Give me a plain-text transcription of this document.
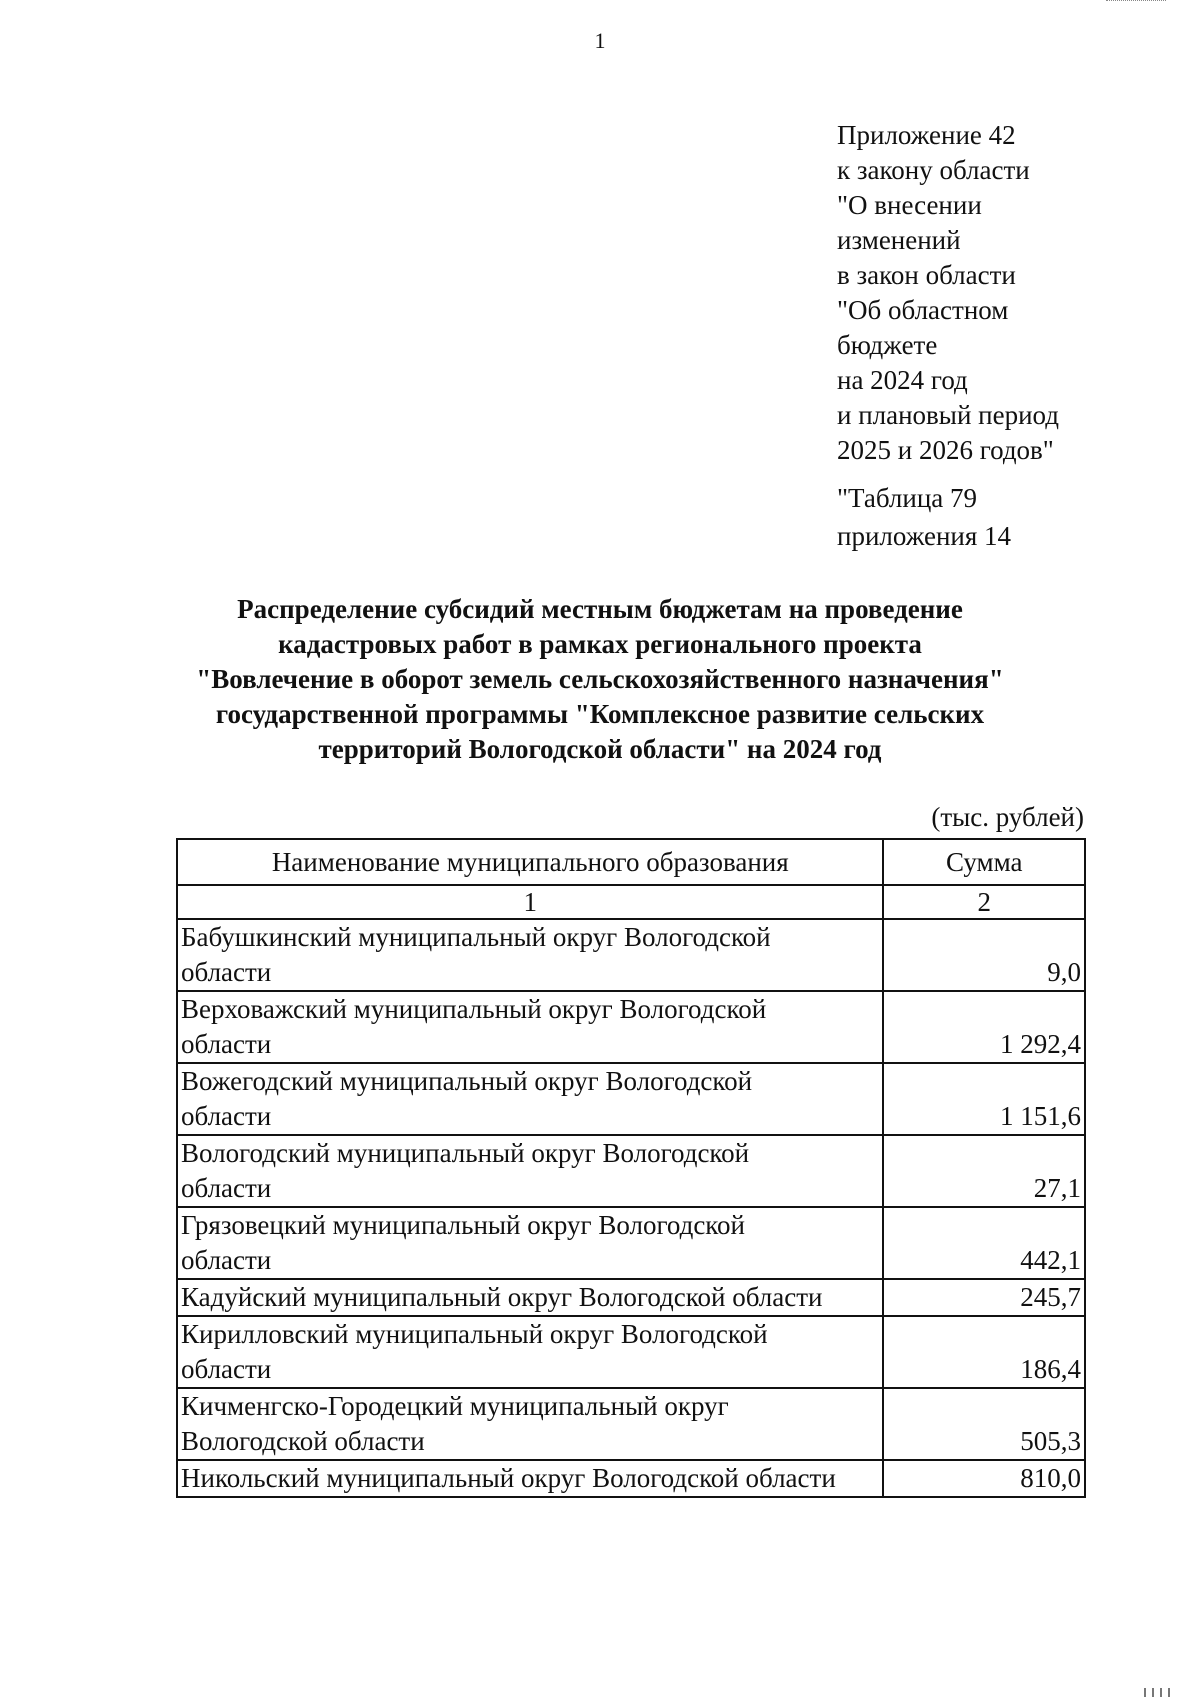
1
Приложение 42
к закону области
"О внесении
изменений
в закон области
"Об областном
бюджете
на 2024 год
и плановый период
2025 и 2026 годов"
"Таблица 79
приложения 14
Распределение субсидий местным бюджетам на проведение
кадастровых работ в рамках регионального проекта
"Вовлечение в оборот земель сельскохозяйственного назначения"
государственной программы "Комплексное развитие сельских
территорий Вологодской области" на 2024 год
(тыс. рублей)
Наименование муниципального образования	Сумма
1	2

Бабушкинский муниципальный округ Вологодской
области	9,0

Верховажский муниципальный округ Вологодской
области	1 292,4

Вожегодский муниципальный округ Вологодской
области	1 151,6

Вологодский муниципальный округ Вологодской
области	27,1

Грязовецкий муниципальный округ Вологодской
области	442,1

Кадуйский муниципальный округ Вологодской области	245,7

Кирилловский муниципальный округ Вологодской
области	186,4

Кичменгско-Городецкий муниципальный округ
Вологодской области	505,3

Никольский муниципальный округ Вологодской области	810,0
